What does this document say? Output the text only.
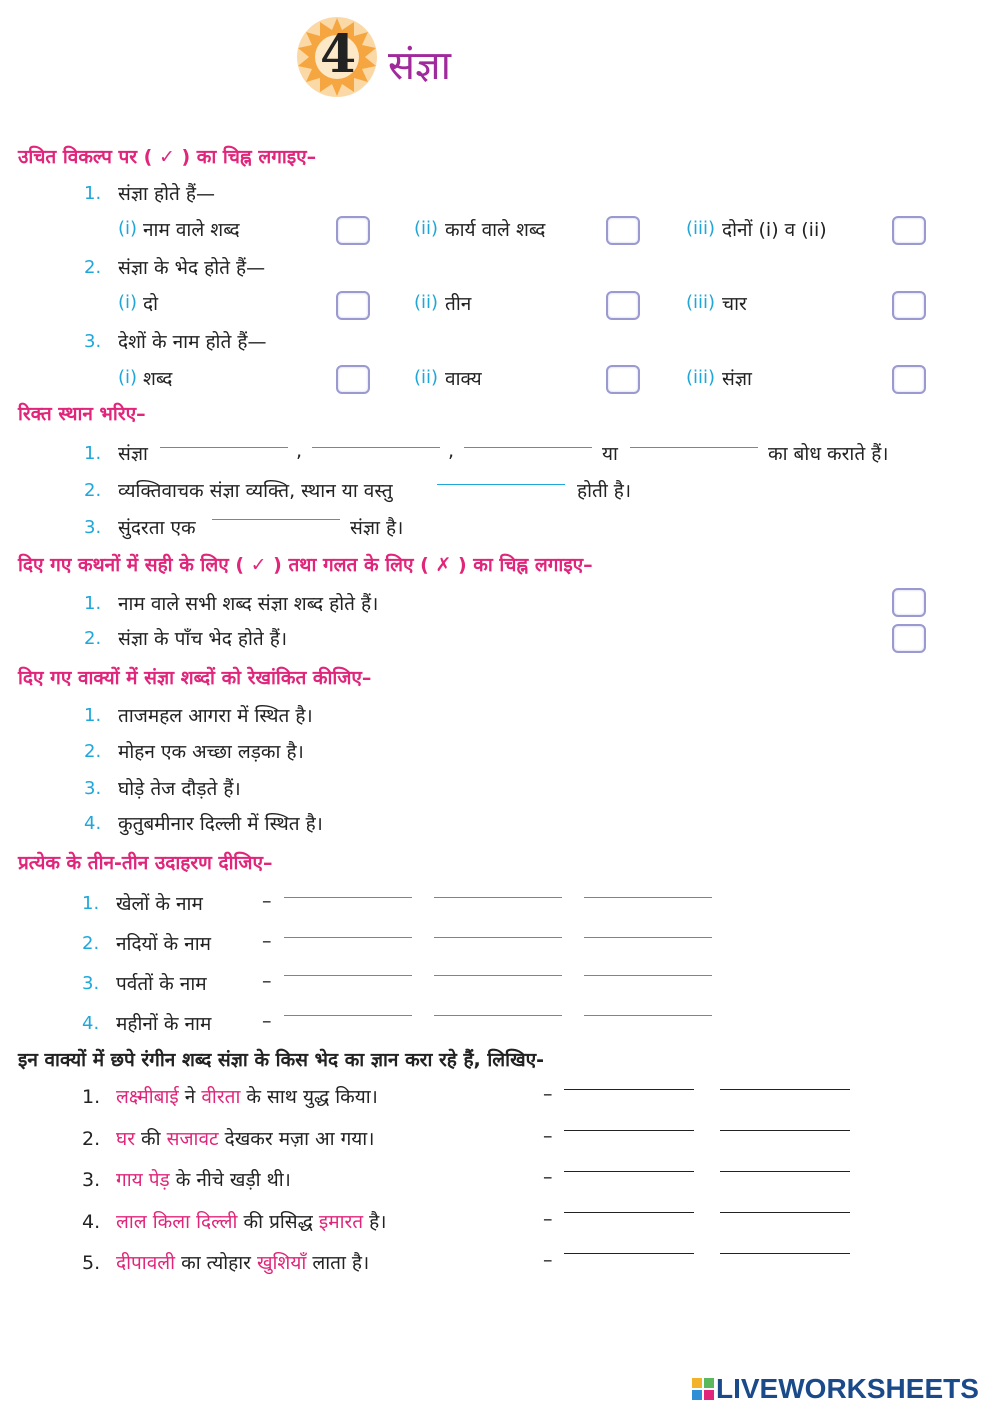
4 संज्ञा
उचित विकल्प पर ( ✓ ) का चिह्न लगाइए–
1. संज्ञा होते हैं—
(i) नाम वाले शब्द	(ii) कार्य वाले शब्द	(iii) दोनों (i) व (ii)
2. संज्ञा के भेद होते हैं—
(i) दो	(ii) तीन	(iii) चार
3. देशों के नाम होते हैं—
(i) शब्द	(ii) वाक्य	(iii) संज्ञा
रिक्त स्थान भरिए–
1. संज्ञा	,	,	या	का बोध कराते हैं।
2. व्यक्तिवाचक संज्ञा व्यक्ति, स्थान या वस्तु	होती है।
3. सुंदरता एक	संज्ञा है।
दिए गए कथनों में सही के लिए ( ✓ ) तथा गलत के लिए ( ✗ ) का चिह्न लगाइए–
1. नाम वाले सभी शब्द संज्ञा शब्द होते हैं।
2. संज्ञा के पाँच भेद होते हैं।
दिए गए वाक्यों में संज्ञा शब्दों को रेखांकित कीजिए–
1. ताजमहल आगरा में स्थित है।
2. मोहन एक अच्छा लड़का है।
3. घोड़े तेज दौड़ते हैं।
4. कुतुबमीनार दिल्ली में स्थित है।
प्रत्येक के तीन-तीन उदाहरण दीजिए–
1. खेलों के नाम	–
2. नदियों के नाम	–
3. पर्वतों के नाम	–
4. महीनों के नाम	–
इन वाक्यों में छपे रंगीन शब्द संज्ञा के किस भेद का ज्ञान करा रहे हैं, लिखिए-
1. लक्ष्मीबाई ने वीरता के साथ युद्ध किया।	–
2. घर की सजावट देखकर मज़ा आ गया।	–
3. गाय पेड़ के नीचे खड़ी थी।	–
4. लाल किला दिल्ली की प्रसिद्ध इमारत है।	–
5. दीपावली का त्योहार खुशियाँ लाता है।	–
LIVEWORKSHEETS
